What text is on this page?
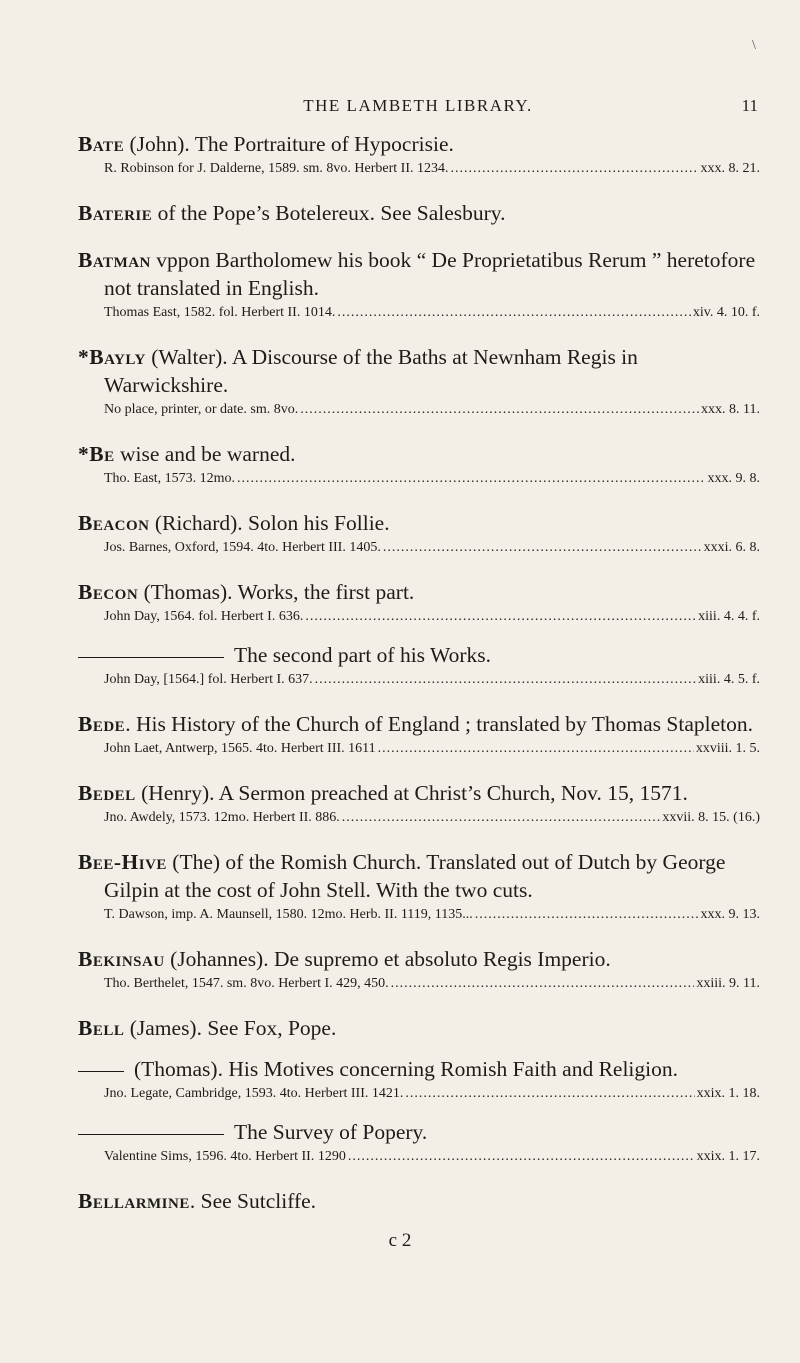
\
THE LAMBETH LIBRARY.	11
Bate (John). The Portraiture of Hypocrisie.
R. Robinson for J. Dalderne, 1589. sm. 8vo. Herbert II. 1234. .....	xxx. 8. 21.
Baterie of the Pope’s Botelereux. See Salesbury.
Batman vppon Bartholomew his book “ De Proprietatibus Rerum ” heretofore not translated in English.
Thomas East, 1582. fol. Herbert II. 1014. .....	xiv. 4. 10. f.
*Bayly (Walter). A Discourse of the Baths at Newnham Regis in Warwickshire.
No place, printer, or date. sm. 8vo. .....	xxx. 8. 11.
*Be wise and be warned.
Tho. East, 1573. 12mo. .....	xxx. 9. 8.
Beacon (Richard). Solon his Follie.
Jos. Barnes, Oxford, 1594. 4to. Herbert III. 1405. .....	xxxi. 6. 8.
Becon (Thomas). Works, the first part.
John Day, 1564. fol. Herbert I. 636. .....	xiii. 4. 4. f.
The second part of his Works.
John Day, [1564.] fol. Herbert I. 637. .....	xiii. 4. 5. f.
Bede. His History of the Church of England ; translated by Thomas Stapleton.
John Laet, Antwerp, 1565. 4to. Herbert III. 1611 .....	xxviii. 1. 5.
Bedel (Henry). A Sermon preached at Christ’s Church, Nov. 15, 1571.
Jno. Awdely, 1573. 12mo. Herbert II. 886. .....	xxvii. 8. 15. (16.)
Bee-Hive (The) of the Romish Church. Translated out of Dutch by George Gilpin at the cost of John Stell. With the two cuts.
T. Dawson, imp. A. Maunsell, 1580. 12mo. Herb. II. 1119, 1135... .....	xxx. 9. 13.
Bekinsau (Johannes). De supremo et absoluto Regis Imperio.
Tho. Berthelet, 1547. sm. 8vo. Herbert I. 429, 450. .....	xxiii. 9. 11.
Bell (James). See Fox, Pope.
(Thomas). His Motives concerning Romish Faith and Religion.
Jno. Legate, Cambridge, 1593. 4to. Herbert III. 1421. .....	xxix. 1. 18.
The Survey of Popery.
Valentine Sims, 1596. 4to. Herbert II. 1290 .....	xxix. 1. 17.
Bellarmine. See Sutcliffe.
c 2
